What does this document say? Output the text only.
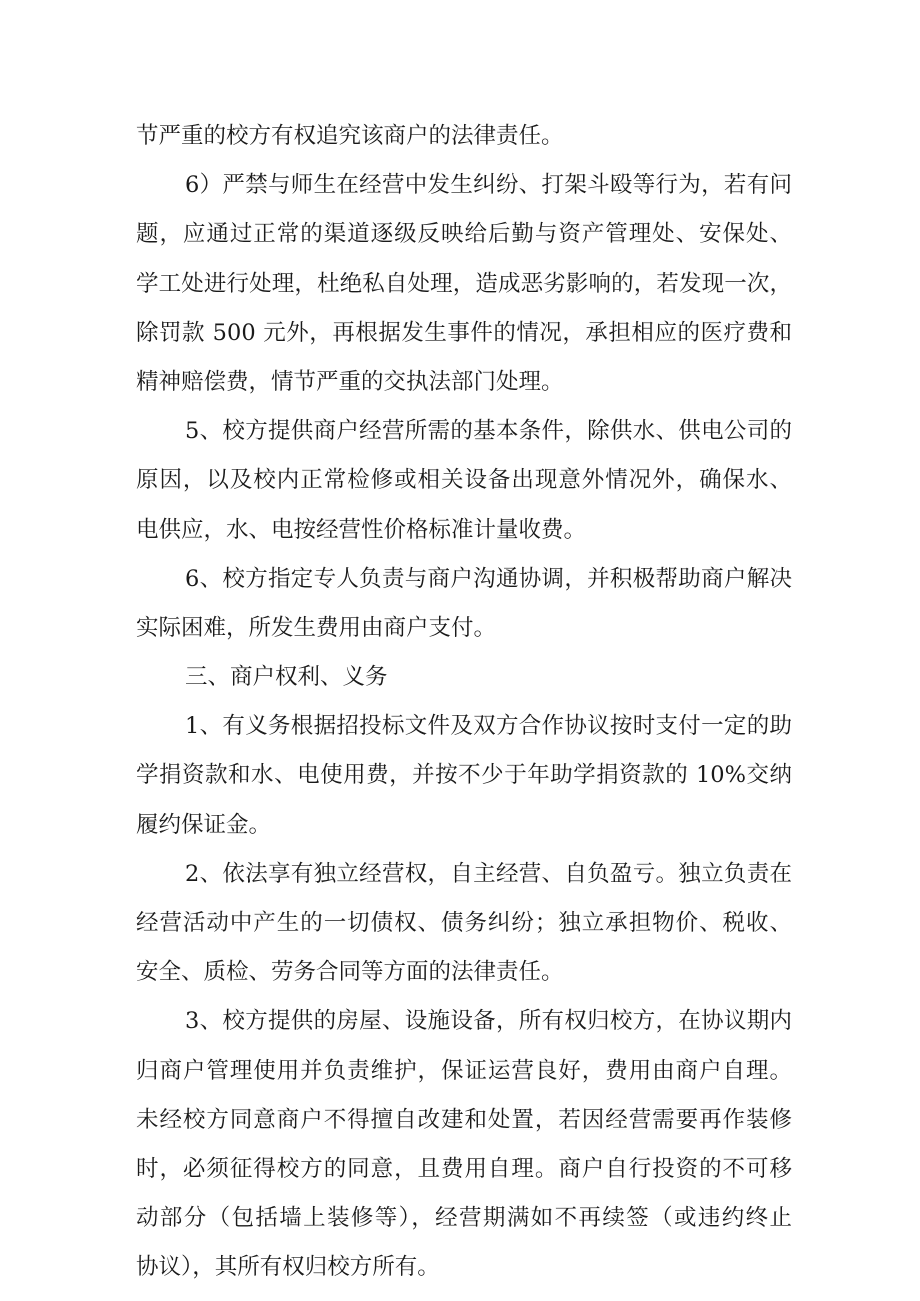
节严重的校方有权追究该商户的法律责任。
6）严禁与师生在经营中发生纠纷、打架斗殴等行为，若有问
题，应通过正常的渠道逐级反映给后勤与资产管理处、安保处、
学工处进行处理，杜绝私自处理，造成恶劣影响的，若发现一次，
除罚款 500 元外，再根据发生事件的情况，承担相应的医疗费和
精神赔偿费，情节严重的交执法部门处理。
5、校方提供商户经营所需的基本条件，除供水、供电公司的
原因，以及校内正常检修或相关设备出现意外情况外，确保水、
电供应，水、电按经营性价格标准计量收费。
6、校方指定专人负责与商户沟通协调，并积极帮助商户解决
实际困难，所发生费用由商户支付。
三、商户权利、义务
1、有义务根据招投标文件及双方合作协议按时支付一定的助
学捐资款和水、电使用费，并按不少于年助学捐资款的 10%交纳
履约保证金。
2、依法享有独立经营权，自主经营、自负盈亏。独立负责在
经营活动中产生的一切债权、债务纠纷；独立承担物价、税收、
安全、质检、劳务合同等方面的法律责任。
3、校方提供的房屋、设施设备，所有权归校方，在协议期内
归商户管理使用并负责维护，保证运营良好，费用由商户自理。
未经校方同意商户不得擅自改建和处置，若因经营需要再作装修
时，必须征得校方的同意，且费用自理。商户自行投资的不可移
动部分（包括墙上装修等），经营期满如不再续签（或违约终止
协议），其所有权归校方所有。
